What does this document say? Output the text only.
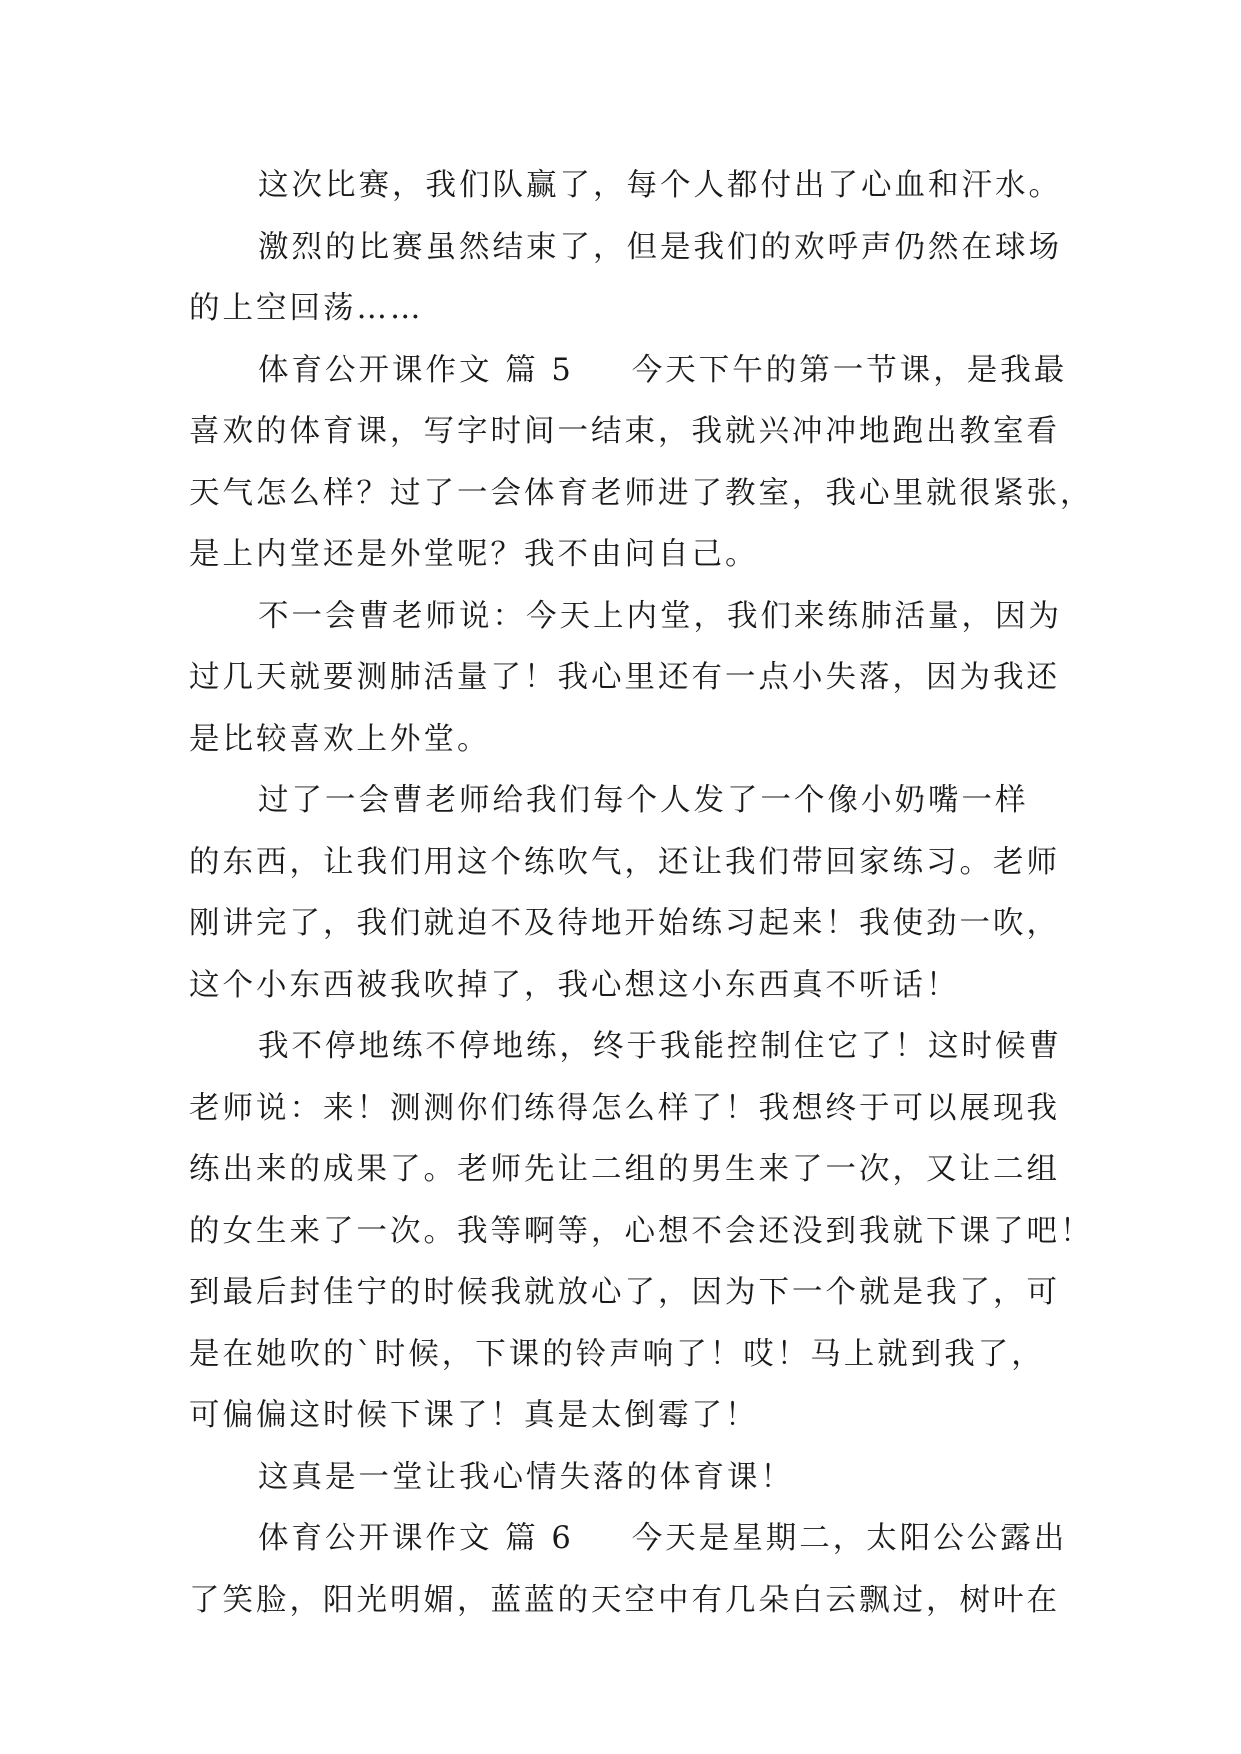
这次比赛，我们队赢了，每个人都付出了心血和汗水。
激烈的比赛虽然结束了，但是我们的欢呼声仍然在球场
的上空回荡……
体育公开课作文 篇 5 今天下午的第一节课，是我最
喜欢的体育课，写字时间一结束，我就兴冲冲地跑出教室看
天气怎么样？过了一会体育老师进了教室，我心里就很紧张，
是上内堂还是外堂呢？我不由问自己。
不一会曹老师说：今天上内堂，我们来练肺活量，因为
过几天就要测肺活量了！我心里还有一点小失落，因为我还
是比较喜欢上外堂。
过了一会曹老师给我们每个人发了一个像小奶嘴一样
的东西，让我们用这个练吹气，还让我们带回家练习。老师
刚讲完了，我们就迫不及待地开始练习起来！我使劲一吹，
这个小东西被我吹掉了，我心想这小东西真不听话！
我不停地练不停地练，终于我能控制住它了！这时候曹
老师说：来！测测你们练得怎么样了！我想终于可以展现我
练出来的成果了。老师先让二组的男生来了一次，又让二组
的女生来了一次。我等啊等，心想不会还没到我就下课了吧！
到最后封佳宁的时候我就放心了，因为下一个就是我了，可
是在她吹的`时候，下课的铃声响了！哎！马上就到我了，
可偏偏这时候下课了！真是太倒霉了！
这真是一堂让我心情失落的体育课！
体育公开课作文 篇 6 今天是星期二，太阳公公露出
了笑脸，阳光明媚，蓝蓝的天空中有几朵白云飘过，树叶在
